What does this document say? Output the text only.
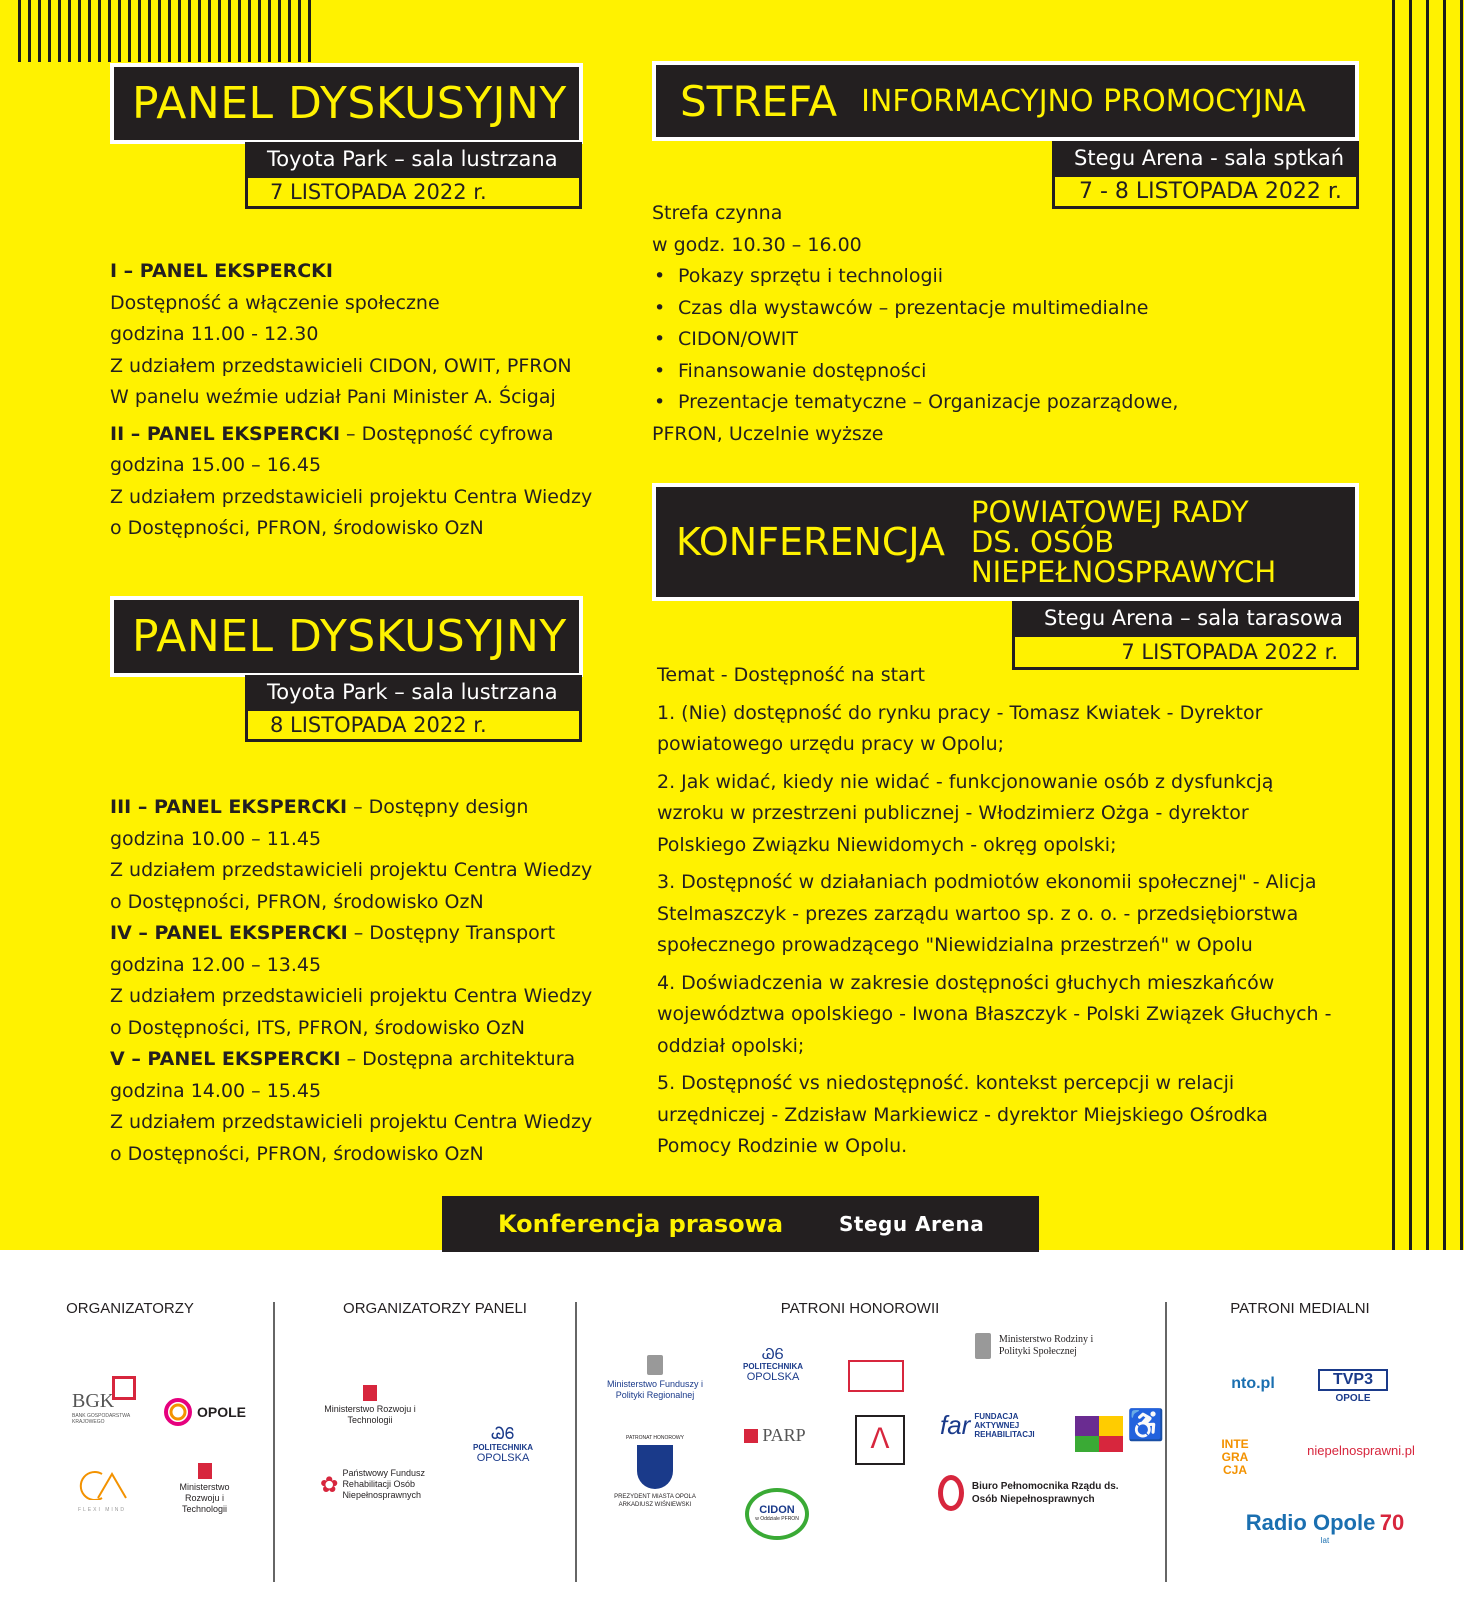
PANEL DYSKUSYJNY
Toyota Park – sala lustrzana
7 LISTOPADA 2022 r.

I – PANEL EKSPERCKI

Dostępność a włączenie społeczne

godzina 11.00 - 12.30

Z udziałem przedstawicieli CIDON, OWIT, PFRON

W panelu weźmie udział Pani Minister A. Ścigaj

II – PANEL EKSPERCKI – Dostępność cyfrowa

godzina 15.00 – 16.45

Z udziałem przedstawicieli projektu Centra Wiedzy

o Dostępności, PFRON, środowisko OzN

PANEL DYSKUSYJNY
Toyota Park – sala lustrzana
8 LISTOPADA 2022 r.

III – PANEL EKSPERCKI – Dostępny design

godzina 10.00 – 11.45

Z udziałem przedstawicieli projektu Centra Wiedzy

o Dostępności, PFRON, środowisko OzN

IV – PANEL EKSPERCKI – Dostępny Transport

godzina 12.00 – 13.45

Z udziałem przedstawicieli projektu Centra Wiedzy

o Dostępności, ITS, PFRON, środowisko OzN

V – PANEL EKSPERCKI – Dostępna architektura

godzina 14.00 – 15.45

Z udziałem przedstawicieli projektu Centra Wiedzy

o Dostępności, PFRON, środowisko OzN

STREFA INFORMACYJNO PROMOCYJNA
Stegu Arena - sala sptkań
7 - 8 LISTOPADA 2022 r.

Strefa czynna

w godz. 10.30 – 16.00

• Pokazy sprzętu i technologii
• Czas dla wystawców – prezentacje multimedialne
• CIDON/OWIT
• Finansowanie dostępności
• Prezentacje tematyczne – Organizacje pozarządowe,

PFRON, Uczelnie wyższe

KONFERENCJA
POWIATOWEJ RADY
DS. OSÓB
NIEPEŁNOSPRAWYCH
Stegu Arena – sala tarasowa
7 LISTOPADA 2022 r.

Temat - Dostępność na start

1. (Nie) dostępność do rynku pracy - Tomasz Kwiatek - Dyrektor powiatowego urzędu pracy w Opolu;

2. Jak widać, kiedy nie widać - funkcjonowanie osób z dysfunkcją wzroku w przestrzeni publicznej - Włodzimierz Ożga - dyrektor Polskiego Związku Niewidomych - okręg opolski;

3. Dostępność w działaniach podmiotów ekonomii społecznej" - Alicja Stelmaszczyk - prezes zarządu wartoo sp. z o. o. - przedsiębiorstwa społecznego prowadzącego "Niewidzialna przestrzeń" w Opolu

4. Doświadczenia w zakresie dostępności głuchych mieszkańców województwa opolskiego - Iwona Błaszczyk - Polski Związek Głuchych - oddział opolski;

5. Dostępność vs niedostępność. kontekst percepcji w relacji urzędniczej - Zdzisław Markiewicz - dyrektor Miejskiego Ośrodka Pomocy Rodzinie w Opolu.

Konferencja prasowa	Stegu Arena
ORGANIZATORZY	ORGANIZATORZY PANELI	PATRONI HONOROWII	PATRONI MEDIALNI
BGK
BANK GOSPODARSTWA KRAJOWEGO
OPOLE
FLEXI MIND
Ministerstwo Rozwoju i Technologii
Ministerstwo Rozwoju i Technologii
✿ Państwowy Fundusz Rehabilitacji Osób Niepełnosprawnych
ᏊᏮ
POLITECHNIKA
OPOLSKA
Ministerstwo Funduszy i Polityki Regionalnej
PATRONAT HONOROWY
PREZYDENT MIASTA OPOLA ARKADIUSZ WIŚNIEWSKI
ᏊᏮ
POLITECHNIKA
OPOLSKA
PARP
CIDON
w Oddziale PFRON
ᐱ
Ministerstwo Rodziny i Polityki Społecznej
far FUNDACJA AKTYWNEJ REHABILITACJI	♿
Biuro Pełnomocnika Rządu ds. Osób Niepełnosprawnych
nto.pl	TVP3
OPOLE
INTE GRA CJA
niepelnosprawni.pl
Radio Opole 70
lat
